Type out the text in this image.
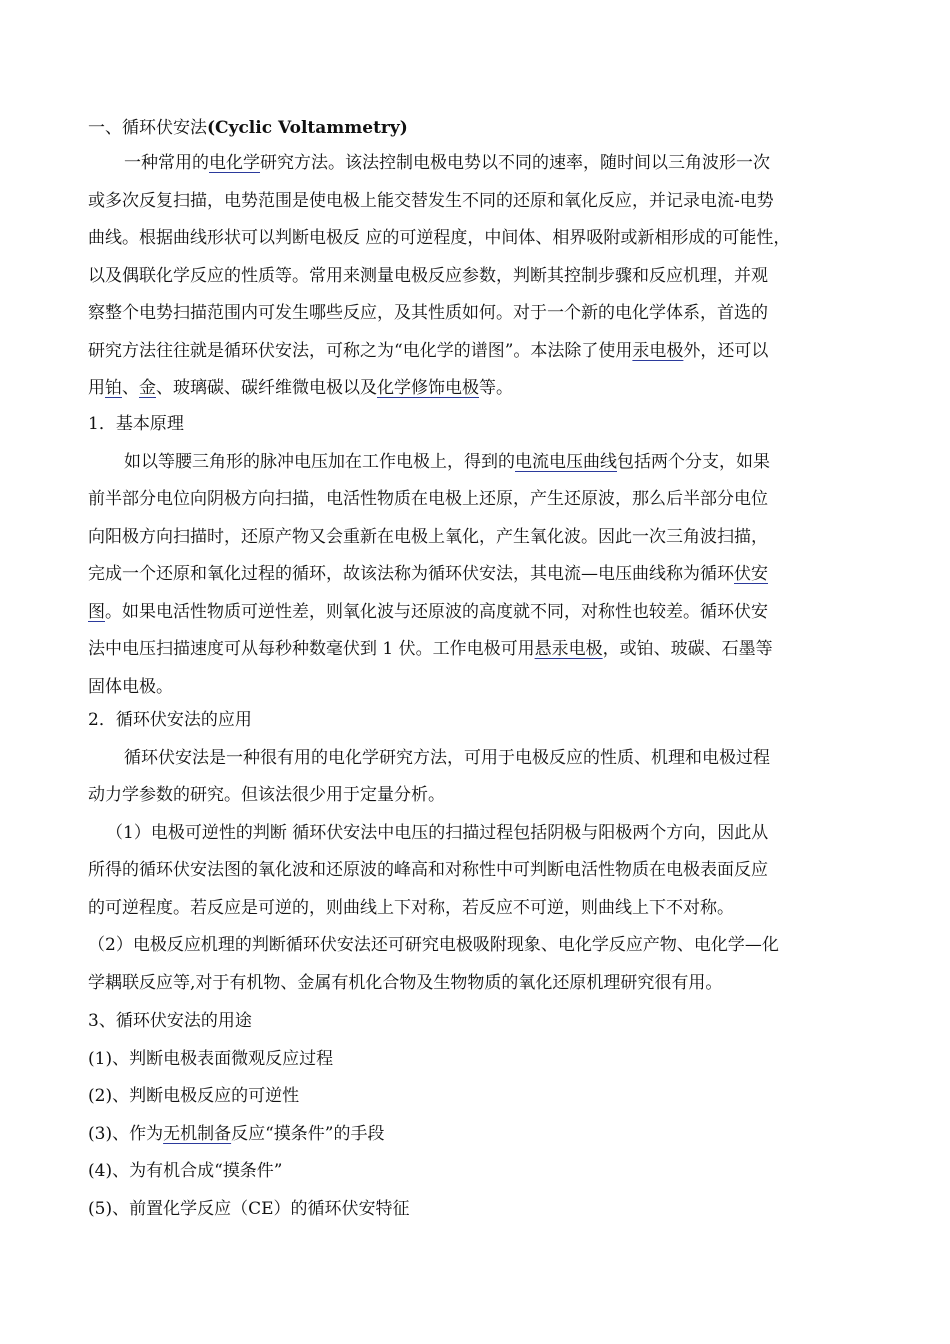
一、循环伏安法(Cyclic Voltammetry)
一种常用的电化学研究方法。该法控制电极电势以不同的速率，随时间以三角波形一次
或多次反复扫描，电势范围是使电极上能交替发生不同的还原和氧化反应，并记录电流-电势
曲线。根据曲线形状可以判断电极反 应的可逆程度，中间体、相界吸附或新相形成的可能性，
以及偶联化学反应的性质等。常用来测量电极反应参数，判断其控制步骤和反应机理，并观
察整个电势扫描范围内可发生哪些反应，及其性质如何。对于一个新的电化学体系，首选的
研究方法往往就是循环伏安法，可称之为“电化学的谱图”。本法除了使用汞电极外，还可以
用铂、金、玻璃碳、碳纤维微电极以及化学修饰电极等。
1．基本原理
如以等腰三角形的脉冲电压加在工作电极上，得到的电流电压曲线包括两个分支，如果
前半部分电位向阴极方向扫描，电活性物质在电极上还原，产生还原波，那么后半部分电位
向阳极方向扫描时，还原产物又会重新在电极上氧化，产生氧化波。因此一次三角波扫描，
完成一个还原和氧化过程的循环，故该法称为循环伏安法，其电流—电压曲线称为循环伏安
图。如果电活性物质可逆性差，则氧化波与还原波的高度就不同，对称性也较差。循环伏安
法中电压扫描速度可从每秒种数毫伏到 1 伏。工作电极可用悬汞电极，或铂、玻碳、石墨等
固体电极。
2．循环伏安法的应用
循环伏安法是一种很有用的电化学研究方法，可用于电极反应的性质、机理和电极过程
动力学参数的研究。但该法很少用于定量分析。
（1）电极可逆性的判断 循环伏安法中电压的扫描过程包括阴极与阳极两个方向，因此从
所得的循环伏安法图的氧化波和还原波的峰高和对称性中可判断电活性物质在电极表面反应
的可逆程度。若反应是可逆的，则曲线上下对称，若反应不可逆，则曲线上下不对称。
（2）电极反应机理的判断循环伏安法还可研究电极吸附现象、电化学反应产物、电化学—化
学耦联反应等,对于有机物、金属有机化合物及生物物质的氧化还原机理研究很有用。
3、循环伏安法的用途
(1)、判断电极表面微观反应过程
(2)、判断电极反应的可逆性
(3)、作为无机制备反应“摸条件”的手段
(4)、为有机合成“摸条件”
(5)、前置化学反应（CE）的循环伏安特征
